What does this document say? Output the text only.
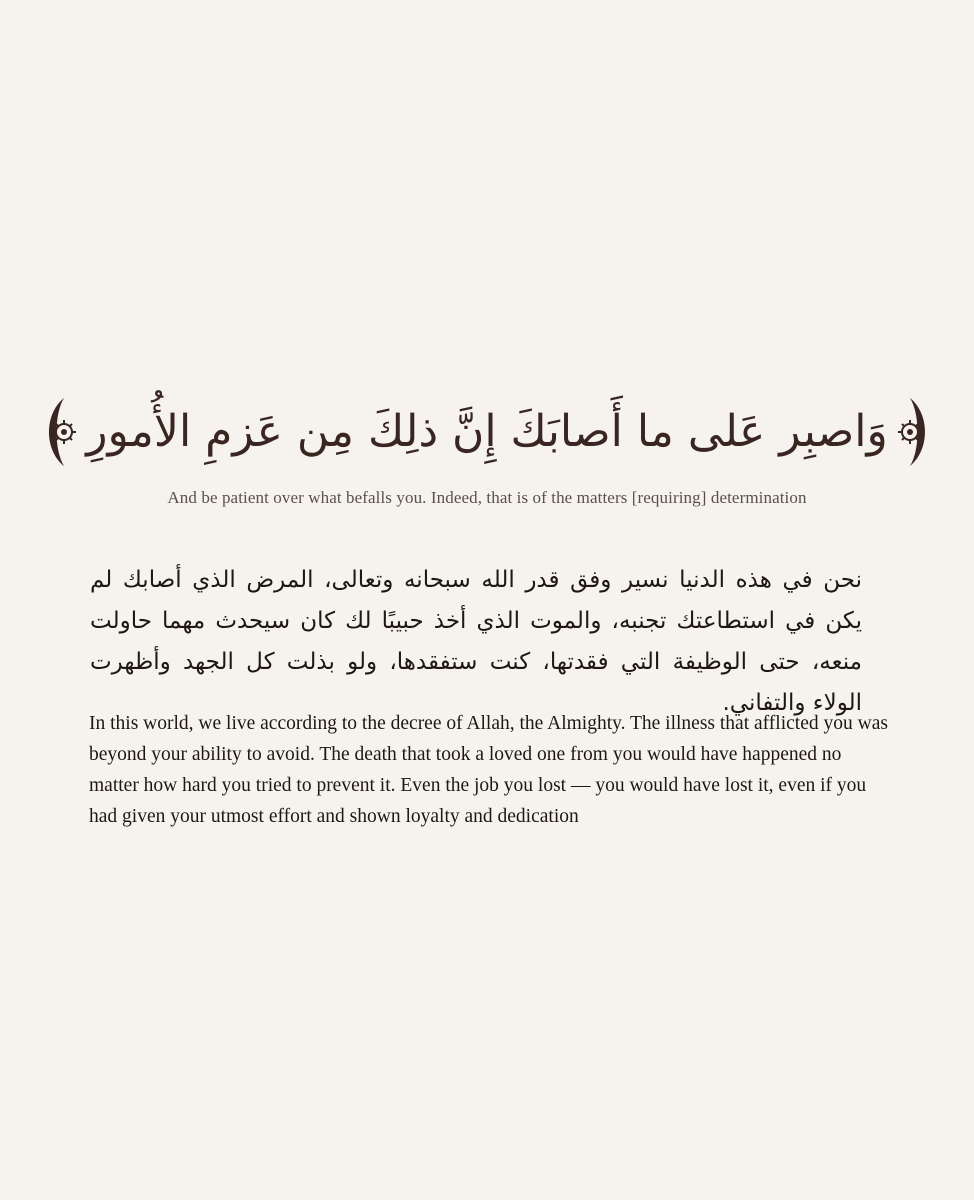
وَاصبِر عَلى ما أَصابَكَ إِنَّ ذلِكَ مِن عَزمِ الأُمورِ
And be patient over what befalls you. Indeed, that is of the matters [requiring] determination
نحن في هذه الدنيا نسير وفق قدر الله سبحانه وتعالى، المرض الذي أصابك لم يكن في استطاعتك تجنبه، والموت الذي أخذ حبيبًا لك كان سيحدث مهما حاولت منعه، حتى الوظيفة التي فقدتها، كنت ستفقدها، ولو بذلت كل الجهد وأظهرت الولاء والتفاني.
In this world, we live according to the decree of Allah, the Almighty. The illness that afflicted you was beyond your ability to avoid. The death that took a loved one from you would have happened no matter how hard you tried to prevent it. Even the job you lost — you would have lost it, even if you had given your utmost effort and shown loyalty and dedication
